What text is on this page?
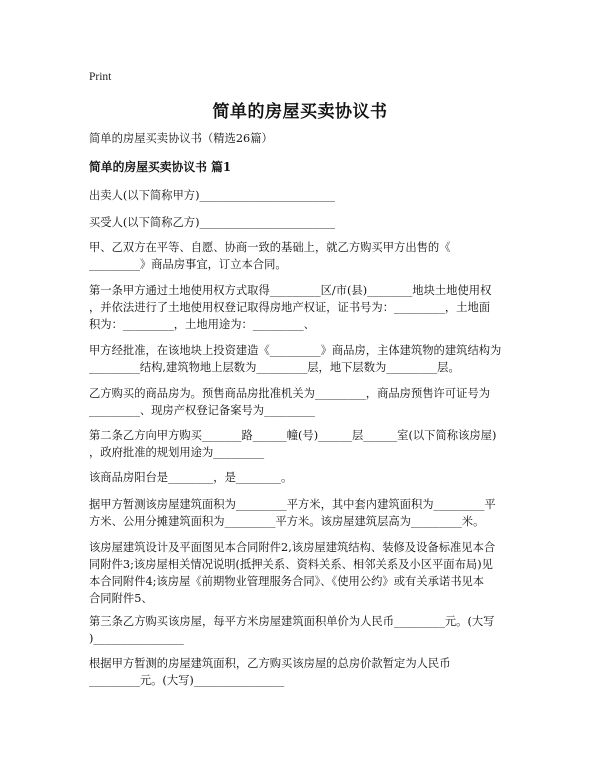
Print
简单的房屋买卖协议书
简单的房屋买卖协议书（精选26篇）
简单的房屋买卖协议书 篇1
出卖人(以下简称甲方)________________________
买受人(以下简称乙方)________________________
甲、乙双方在平等、自愿、协商一致的基础上，就乙方购买甲方出售的《
_________》商品房事宜，订立本合同。
第一条甲方通过土地使用权方式取得_________区/市(县)________地块土地使用权
，并依法进行了土地使用权登记取得房地产权证，证书号为：_________，土地面
积为：_________，土地用途为：_________、
甲方经批准，在该地块上投资建造《_________》商品房，主体建筑物的建筑结构为
_________结构,建筑物地上层数为_________层，地下层数为_________层。
乙方购买的商品房为。预售商品房批准机关为_________，商品房预售许可证号为
_________、现房产权登记备案号为_________
第二条乙方向甲方购买_______路______幢(号)______层______室(以下简称该房屋)
，政府批准的规划用途为_________
该商品房阳台是________，是________。
据甲方暂测该房屋建筑面积为_________平方米，其中套内建筑面积为_________平
方米、公用分摊建筑面积为_________平方米。该房屋建筑层高为_________米。
该房屋建筑设计及平面图见本合同附件2,该房屋建筑结构、装修及设备标准见本合
同附件3;该房屋相关情况说明(抵押关系、资料关系、相邻关系及小区平面布局)见
本合同附件4;该房屋《前期物业管理服务合同》、《使用公约》或有关承诺书见本
合同附件5、
第三条乙方购买该房屋，每平方米房屋建筑面积单价为人民币_________元。(大写
)________________
根据甲方暂测的房屋建筑面积，乙方购买该房屋的总房价款暂定为人民币
_________元。(大写)________________
